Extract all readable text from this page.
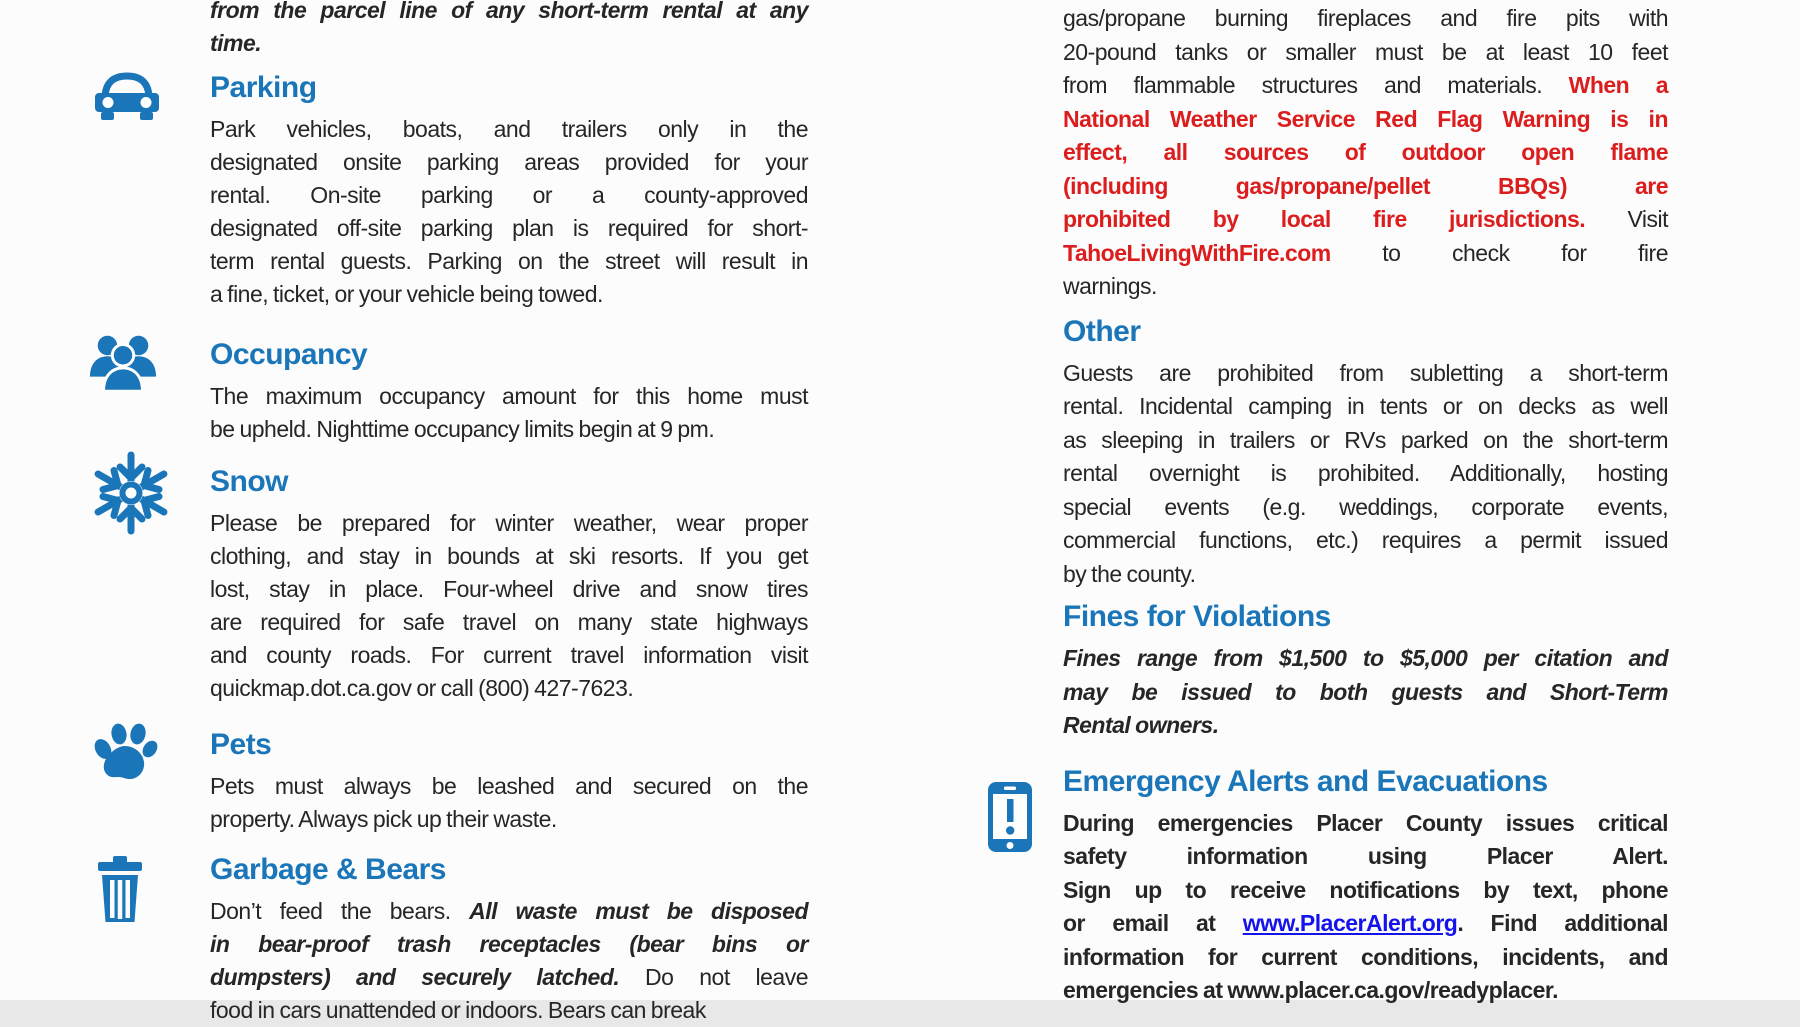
from the parcel line of any short-term rental at any
time.
Parking
Park vehicles, boats, and trailers only in the
designated onsite parking areas provided for your
rental. On-site parking or a county-approved
designated off-site parking plan is required for short-
term rental guests. Parking on the street will result in
a fine, ticket, or your vehicle being towed.
Occupancy
The maximum occupancy amount for this home must
be upheld. Nighttime occupancy limits begin at 9 pm.
Snow
Please be prepared for winter weather, wear proper
clothing, and stay in bounds at ski resorts. If you get
lost, stay in place. Four-wheel drive and snow tires
are required for safe travel on many state highways
and county roads. For current travel information visit
quickmap.dot.ca.gov or call (800) 427-7623.
Pets
Pets must always be leashed and secured on the
property. Always pick up their waste.
Garbage & Bears
Don’t feed the bears. All waste must be disposed
in bear-proof trash receptacles (bear bins or
dumpsters) and securely latched. Do not leave
food in cars unattended or indoors. Bears can break
gas/propane burning fireplaces and fire pits with
20-pound tanks or smaller must be at least 10 feet
from flammable structures and materials. When a
National Weather Service Red Flag Warning is in
effect, all sources of outdoor open flame
(including gas/propane/pellet BBQs) are
prohibited by local fire jurisdictions. Visit
TahoeLivingWithFire.com to check for fire
warnings.
Other
Guests are prohibited from subletting a short-term
rental. Incidental camping in tents or on decks as well
as sleeping in trailers or RVs parked on the short-term
rental overnight is prohibited. Additionally, hosting
special events (e.g. weddings, corporate events,
commercial functions, etc.) requires a permit issued
by the county.
Fines for Violations
Fines range from $1,500 to $5,000 per citation and
may be issued to both guests and Short-Term
Rental owners.
Emergency Alerts and Evacuations
During emergencies Placer County issues critical
safety information using Placer Alert.
Sign up to receive notifications by text, phone
or email at www.PlacerAlert.org. Find additional
information for current conditions, incidents, and
emergencies at www.placer.ca.gov/readyplacer.
